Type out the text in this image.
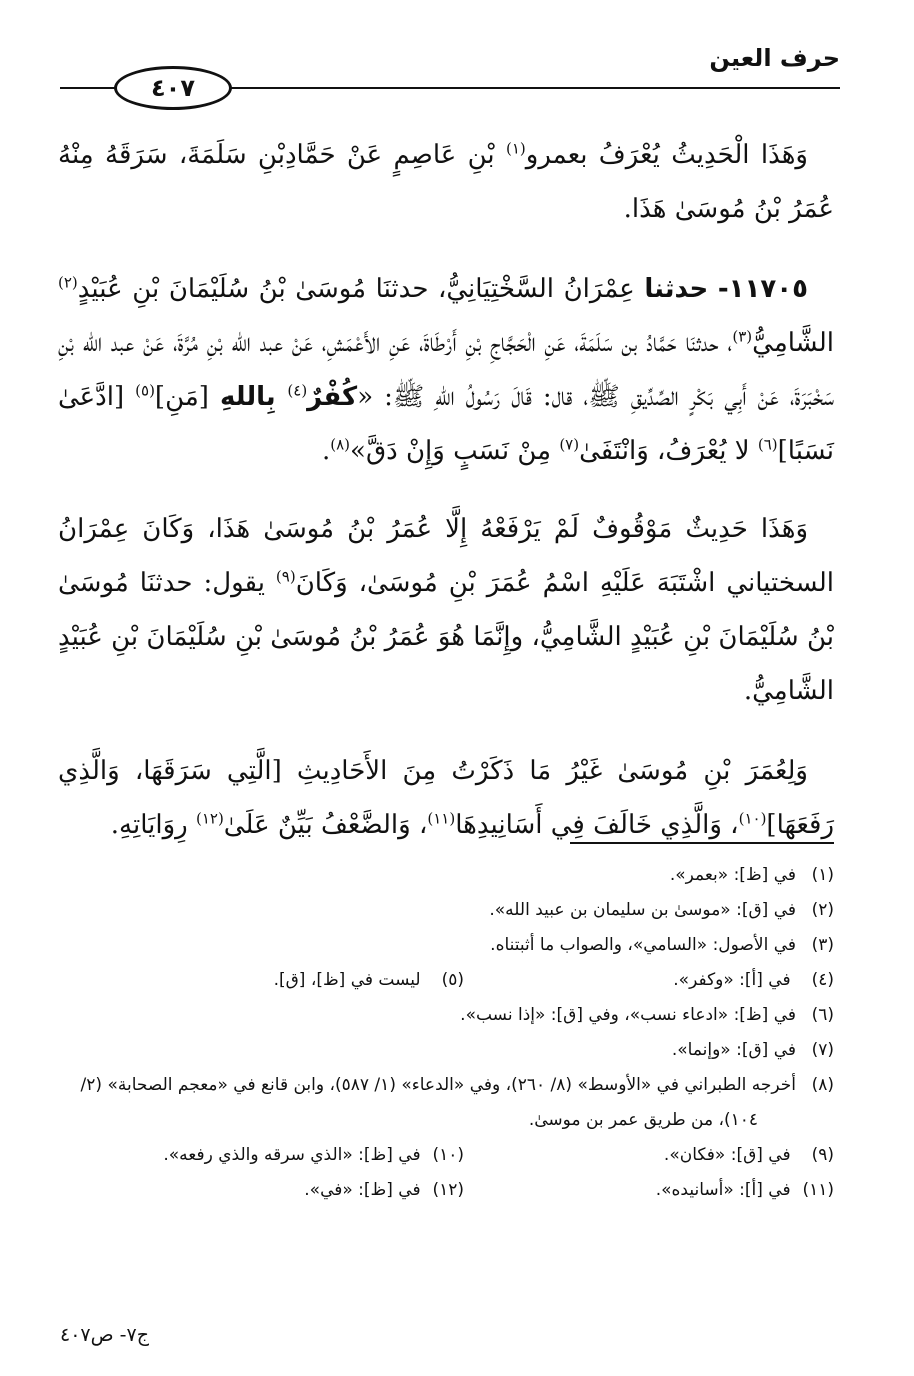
حرف العين
٤٠٧

وَهَذَا الْحَدِيثُ يُعْرَفُ بعمرو$^{(١)}$ بْنِ عَاصِمٍ عَنْ حَمَّادِبْنِ سَلَمَةَ، سَرَقَهُ مِنْهُ عُمَرُ بْنُ مُوسَىٰ هَذَا.

١١٧٠٥- حدثنا عِمْرَانُ السَّخْتِيَانِيُّ، حدثنَا مُوسَىٰ بْنُ سُلَيْمَانَ بْنِ عُبَيْدٍ$^{(٢)}$ الشَّامِيُّ$^{(٣)}$، حدثنَا حَمَّادُ بن سَلَمَةَ، عَنِ الْحَجَّاجِ بْنِ أَرْطَاةَ، عَنِ الأَعْمَشِ، عَنْ عبد الله بْنِ مُرَّةَ، عَنْ عبد الله بْنِ سَخْبَرَةَ، عَنْ أَبِي بَكْرٍ الصِّدِّيقِ ﷺ، قال: قَالَ رَسُولُ اللهِ ﷺ: «كُفْرٌ$^{(٤)}$ بِاللهِ [مَنِ]$^{(٥)}$ [ادَّعَىٰ نَسَبًا]$^{(٦)}$ لا يُعْرَفُ، وَانْتَفَىٰ$^{(٧)}$ مِنْ نَسَبٍ وَإِنْ دَقَّ»$^{(٨)}$.

وَهَذَا حَدِيثٌ مَوْقُوفٌ لَمْ يَرْفَعْهُ إِلَّا عُمَرُ بْنُ مُوسَىٰ هَذَا، وَكَانَ عِمْرَانُ السختياني اشْتَبَهَ عَلَيْهِ اسْمُ عُمَرَ بْنِ مُوسَىٰ، وَكَانَ$^{(٩)}$ يقول: حدثنَا مُوسَىٰ بْنُ سُلَيْمَانَ بْنِ عُبَيْدٍ الشَّامِيُّ، وإِنَّمَا هُوَ عُمَرُ بْنُ مُوسَىٰ بْنِ سُلَيْمَانَ بْنِ عُبَيْدٍ الشَّامِيُّ.

وَلِعُمَرَ بْنِ مُوسَىٰ غَيْرُ مَا ذَكَرْتُ مِنَ الأَحَادِيثِ [الَّتِي سَرَقَهَا، وَالَّذِي رَفَعَهَا]$^{(١٠)}$، وَالَّذِي خَالَفَ فِي أَسَانِيدِهَا$^{(١١)}$، وَالضَّعْفُ بَيِّنٌ عَلَىٰ$^{(١٢)}$ رِوَايَاتِهِ.

(١)
في [ظ]: «بعمر».
(٢)
في [ق]: «موسىٰ بن سليمان بن عبيد الله».
(٣)
في الأصول: «السامي»، والصواب ما أثبتناه.
(٤) في [أ]: «وكفر».
(٥) ليست في [ظ]، [ق].
(٦)
في [ظ]: «ادعاء نسب»، وفي [ق]: «إذا نسب».
(٧)
في [ق]: «وإنما».
(٨)
أخرجه الطبراني في «الأوسط» (٨/ ٢٦٠)، وفي «الدعاء» (١/ ٥٨٧)، وابن قانع في «معجم الصحابة» (٢/ ١٠٤)، من طريق عمر بن موسىٰ.
(٩) في [ق]: «فكان».
(١٠) في [ظ]: «الذي سرقه والذي رفعه».
(١١) في [أ]: «أسانيده».
(١٢) في [ظ]: «في».
ج٧- ص٤٠٧
